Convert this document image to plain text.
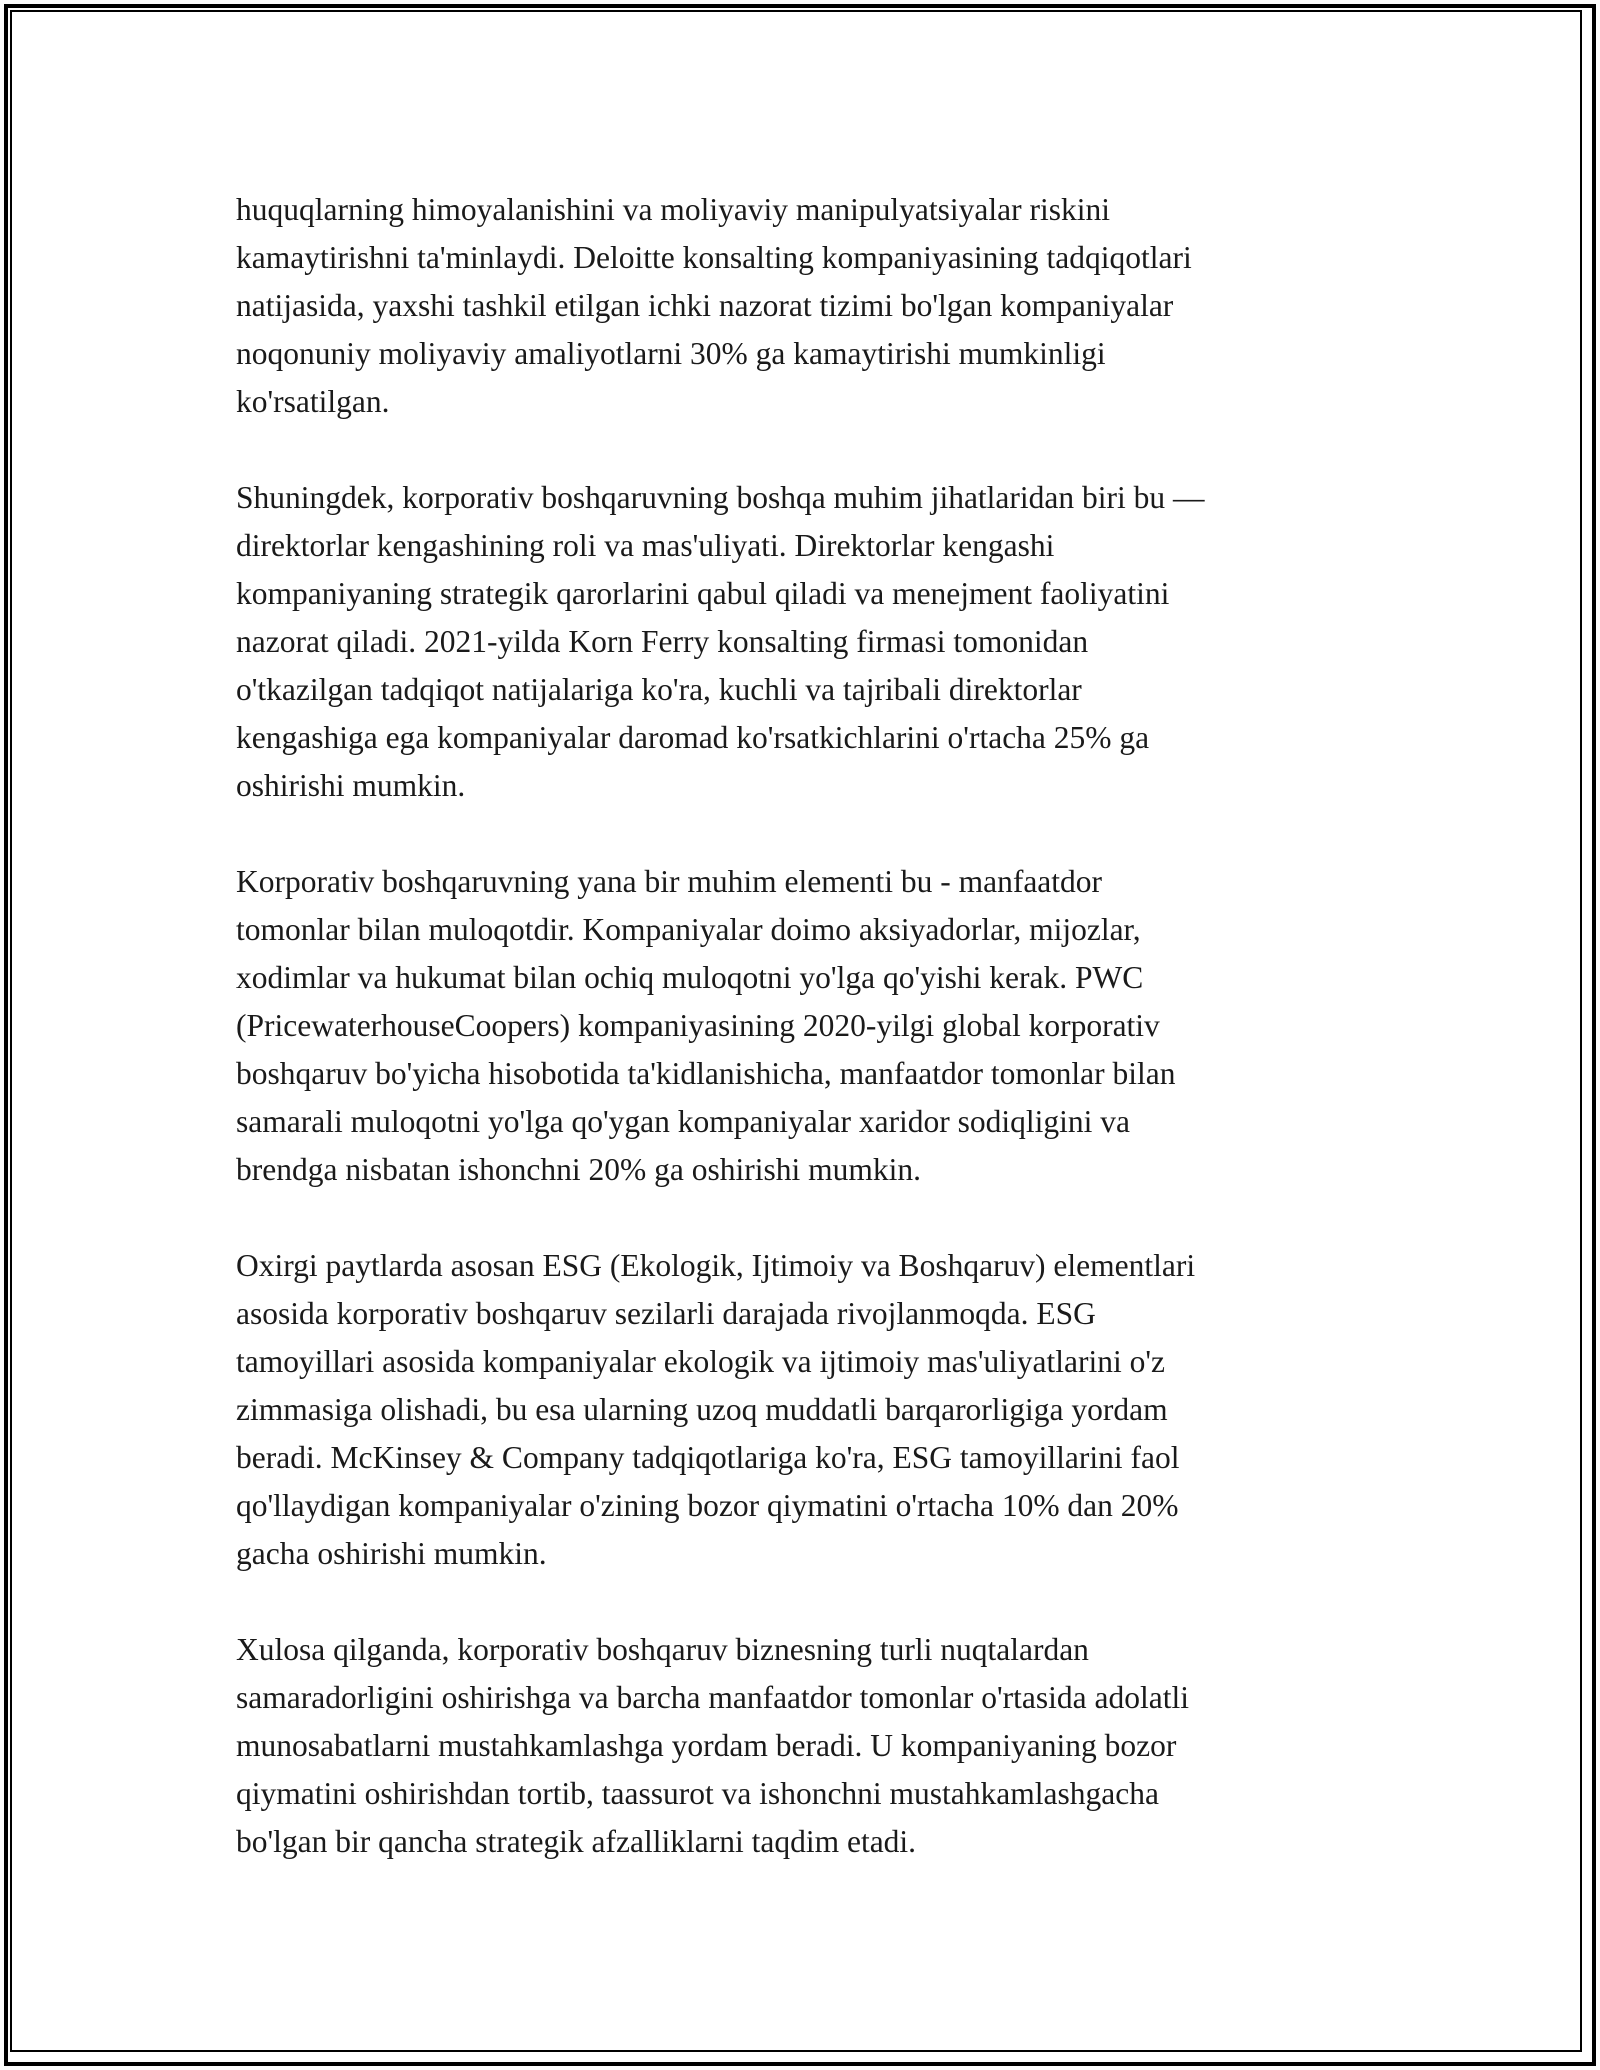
huquqlarning himoyalanishini va moliyaviy manipulyatsiyalar riskini
kamaytirishni ta'minlaydi. Deloitte konsalting kompaniyasining tadqiqotlari
natijasida, yaxshi tashkil etilgan ichki nazorat tizimi bo'lgan kompaniyalar
noqonuniy moliyaviy amaliyotlarni 30% ga kamaytirishi mumkinligi
ko'rsatilgan.

Shuningdek, korporativ boshqaruvning boshqa muhim jihatlaridan biri bu —
direktorlar kengashining roli va mas'uliyati. Direktorlar kengashi
kompaniyaning strategik qarorlarini qabul qiladi va menejment faoliyatini
nazorat qiladi. 2021-yilda Korn Ferry konsalting firmasi tomonidan
o'tkazilgan tadqiqot natijalariga ko'ra, kuchli va tajribali direktorlar
kengashiga ega kompaniyalar daromad ko'rsatkichlarini o'rtacha 25% ga
oshirishi mumkin.

Korporativ boshqaruvning yana bir muhim elementi bu - manfaatdor
tomonlar bilan muloqotdir. Kompaniyalar doimo aksiyadorlar, mijozlar,
xodimlar va hukumat bilan ochiq muloqotni yo'lga qo'yishi kerak. PWC
(PricewaterhouseCoopers) kompaniyasining 2020-yilgi global korporativ
boshqaruv bo'yicha hisobotida ta'kidlanishicha, manfaatdor tomonlar bilan
samarali muloqotni yo'lga qo'ygan kompaniyalar xaridor sodiqligini va
brendga nisbatan ishonchni 20% ga oshirishi mumkin.

Oxirgi paytlarda asosan ESG (Ekologik, Ijtimoiy va Boshqaruv) elementlari
asosida korporativ boshqaruv sezilarli darajada rivojlanmoqda. ESG
tamoyillari asosida kompaniyalar ekologik va ijtimoiy mas'uliyatlarini o'z
zimmasiga olishadi, bu esa ularning uzoq muddatli barqarorligiga yordam
beradi. McKinsey & Company tadqiqotlariga ko'ra, ESG tamoyillarini faol
qo'llaydigan kompaniyalar o'zining bozor qiymatini o'rtacha 10% dan 20%
gacha oshirishi mumkin.

Xulosa qilganda, korporativ boshqaruv biznesning turli nuqtalardan
samaradorligini oshirishga va barcha manfaatdor tomonlar o'rtasida adolatli
munosabatlarni mustahkamlashga yordam beradi. U kompaniyaning bozor
qiymatini oshirishdan tortib, taassurot va ishonchni mustahkamlashgacha
bo'lgan bir qancha strategik afzalliklarni taqdim etadi.
